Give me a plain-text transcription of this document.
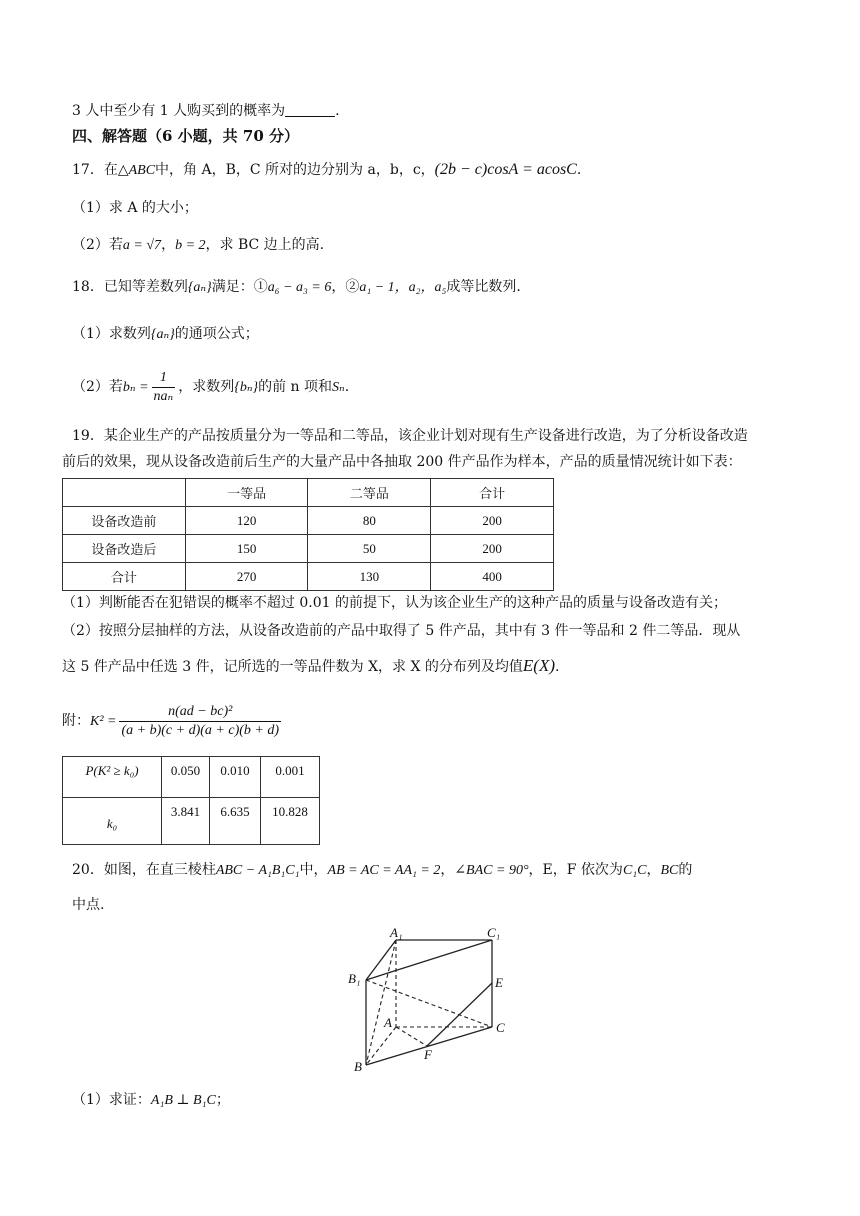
3 人中至少有 1 人购买到的概率为	.
四、解答题（6 小题，共 70 分）
17．在△ABC中，角 A，B，C 所对的边分别为 a，b，c，(2b − c)cosA = acosC.
（1）求 A 的大小；
（2）若a = √7，b = 2，求 BC 边上的高.
18．已知等差数列{aₙ}满足：①a₆ − a₃ = 6，②a₁ − 1，a₂，a₅成等比数列.
（1）求数列{aₙ}的通项公式；
（2）若$b_n = \frac{1}{\text{naₙ}}$ ，求数列{bₙ}的前 n 项和Sₙ.
19．某企业生产的产品按质量分为一等品和二等品，该企业计划对现有生产设备进行改造，为了分析设备改造
前后的效果，现从设备改造前后生产的大量产品中各抽取 200 件产品作为样本，产品的质量情况统计如下表：
	一等品	二等品	合计
设备改造前	120	80	200
设备改造后	150	50	200
合计	270	130	400
（1）判断能否在犯错误的概率不超过 0.01 的前提下，认为该企业生产的这种产品的质量与设备改造有关；
（2）按照分层抽样的方法，从设备改造前的产品中取得了 5 件产品，其中有 3 件一等品和 2 件二等品．现从
这 5 件产品中任选 3 件，记所选的一等品件数为 X，求 X 的分布列及均值E(X).
附：$K^2 = \frac{\text{n(ad − bc)²}}{(a + b)(c + d)(a + c)(b + d)}$
P(K² ≥ k₀)	0.050	0.010	0.001
k₀	3.841	6.635	10.828
20．如图，在直三棱柱ABC − A₁B₁C₁中，AB = AC = AA₁ = 2，∠BAC = 90°，E，F 依次为C₁C，BC的
中点.
A₁	C₁
B₁	E
A	C
F
B
（1）求证：A₁B ⊥ B₁C；
